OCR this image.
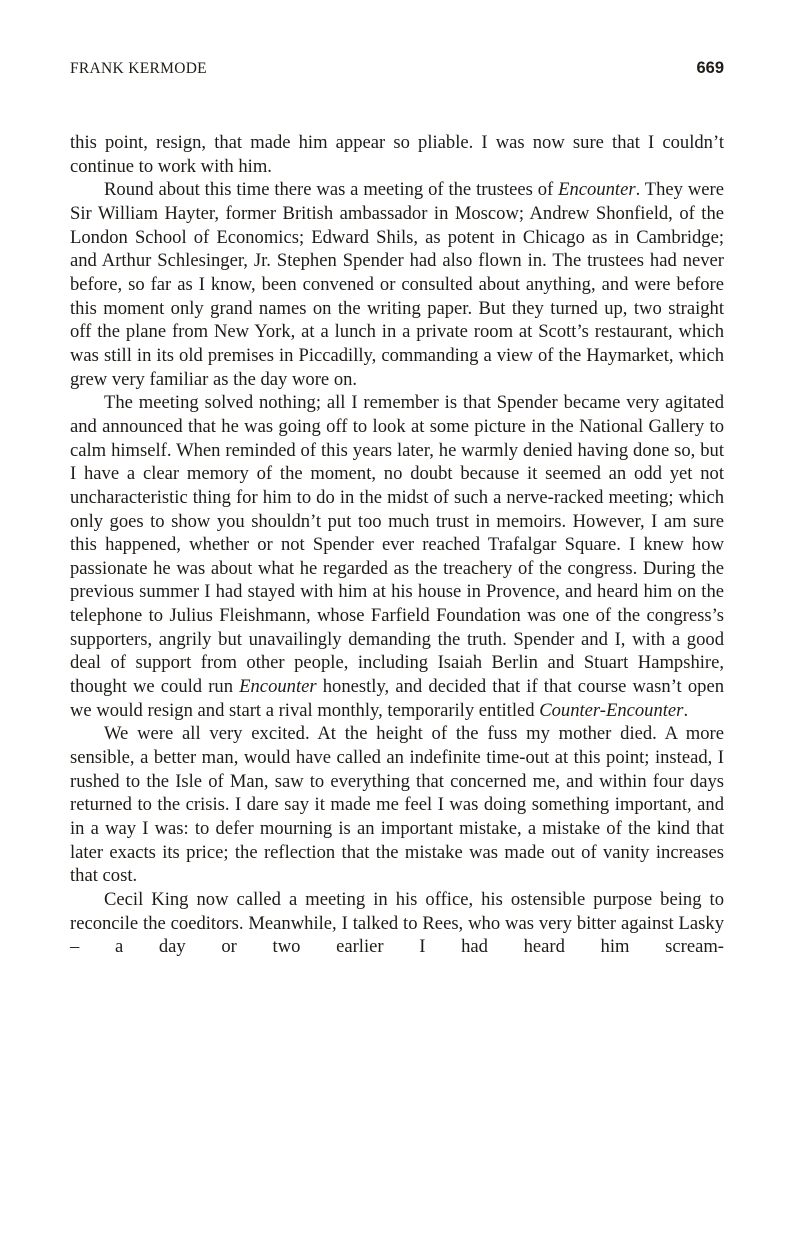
FRANK KERMODE	669

this point, resign, that made him appear so pliable. I was now sure that I couldn’t continue to work with him.

Round about this time there was a meeting of the trustees of Encounter. They were Sir William Hayter, former British ambassador in Moscow; Andrew Shonfield, of the London School of Economics; Edward Shils, as potent in Chicago as in Cambridge; and Arthur Schlesinger, Jr. Stephen Spender had also flown in. The trustees had never before, so far as I know, been convened or consulted about anything, and were before this moment only grand names on the writing paper. But they turned up, two straight off the plane from New York, at a lunch in a private room at Scott’s restaurant, which was still in its old premises in Piccadilly, commanding a view of the Haymarket, which grew very familiar as the day wore on.

The meeting solved nothing; all I remember is that Spender became very agitated and announced that he was going off to look at some picture in the National Gallery to calm himself. When reminded of this years later, he warmly denied having done so, but I have a clear memory of the moment, no doubt because it seemed an odd yet not uncharacteristic thing for him to do in the midst of such a nerve-racked meeting; which only goes to show you shouldn’t put too much trust in memoirs. However, I am sure this happened, whether or not Spender ever reached Trafalgar Square. I knew how passionate he was about what he regarded as the treachery of the congress. During the previous summer I had stayed with him at his house in Provence, and heard him on the telephone to Julius Fleishmann, whose Farfield Foundation was one of the congress’s supporters, angrily but unavailingly demanding the truth. Spender and I, with a good deal of support from other people, including Isaiah Berlin and Stuart Hampshire, thought we could run Encounter honestly, and decided that if that course wasn’t open we would resign and start a rival monthly, temporarily entitled Counter-Encounter.

We were all very excited. At the height of the fuss my mother died. A more sensible, a better man, would have called an indefinite time-out at this point; instead, I rushed to the Isle of Man, saw to everything that concerned me, and within four days returned to the crisis. I dare say it made me feel I was doing something important, and in a way I was: to defer mourning is an important mistake, a mistake of the kind that later exacts its price; the reflection that the mistake was made out of vanity increases that cost.

Cecil King now called a meeting in his office, his ostensible purpose being to reconcile the coeditors. Meanwhile, I talked to Rees, who was very bitter against Lasky – a day or two earlier I had heard him scream-
